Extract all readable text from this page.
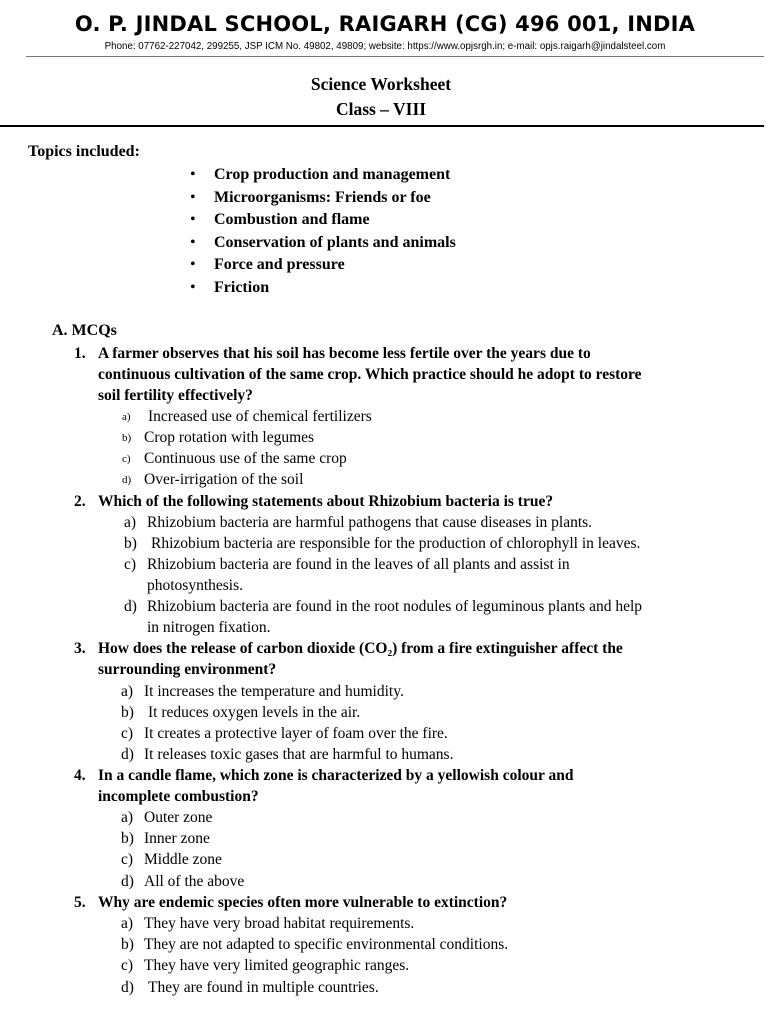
O. P. JINDAL SCHOOL, RAIGARH (CG) 496 001, INDIA
Phone: 07762-227042, 299255, JSP ICM No. 49802, 49809; website: https://www.opjsrgh.in; e-mail: opjs.raigarh@jindalsteel.com
Science Worksheet
Class – VIII
Topics included:
• Crop production and management
• Microorganisms: Friends or foe
• Combustion and flame
• Conservation of plants and animals
• Force and pressure
• Friction
A. MCQs
1. A farmer observes that his soil has become less fertile over the years due to
continuous cultivation of the same crop. Which practice should he adopt to restore
soil fertility effectively?
a) Increased use of chemical fertilizers
b) Crop rotation with legumes
c) Continuous use of the same crop
d) Over-irrigation of the soil
2. Which of the following statements about Rhizobium bacteria is true?
a) Rhizobium bacteria are harmful pathogens that cause diseases in plants.
b) Rhizobium bacteria are responsible for the production of chlorophyll in leaves.
c) Rhizobium bacteria are found in the leaves of all plants and assist in
photosynthesis.
d) Rhizobium bacteria are found in the root nodules of leguminous plants and help
in nitrogen fixation.
3. How does the release of carbon dioxide (CO₂) from a fire extinguisher affect the
surrounding environment?
a) It increases the temperature and humidity.
b) It reduces oxygen levels in the air.
c) It creates a protective layer of foam over the fire.
d) It releases toxic gases that are harmful to humans.
4. In a candle flame, which zone is characterized by a yellowish colour and
incomplete combustion?
a) Outer zone
b) Inner zone
c) Middle zone
d) All of the above
5. Why are endemic species often more vulnerable to extinction?
a) They have very broad habitat requirements.
b) They are not adapted to specific environmental conditions.
c) They have very limited geographic ranges.
d) They are found in multiple countries.
